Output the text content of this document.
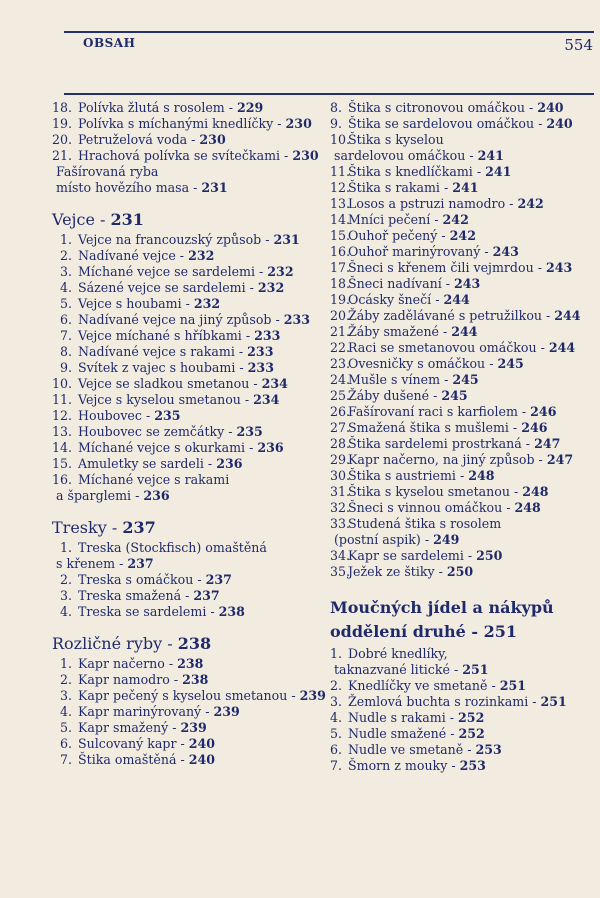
OBSAH	554
18. Polívka žlutá s rosolem - 229
19. Polívka s míchanými knedlíčky - 230
20. Petruželová voda - 230
21. Hrachová polívka se svítečkami - 230
Fašírovaná ryba
místo hovězího masa - 231
Vejce - 231
1. Vejce na francouzský způsob - 231
2. Nadívané vejce - 232
3. Míchané vejce se sardelemi - 232
4. Sázené vejce se sardelemi - 232
5. Vejce s houbami - 232
6. Nadívané vejce na jiný způsob - 233
7. Vejce míchané s hříbkami - 233
8. Nadívané vejce s rakami - 233
9. Svítek z vajec s houbami - 233
10. Vejce se sladkou smetanou - 234
11. Vejce s kyselou smetanou - 234
12. Houbovec - 235
13. Houbovec se zemčátky - 235
14. Míchané vejce s okurkami - 236
15. Amuletky se sardeli - 236
16. Míchané vejce s rakami
a šparglemi - 236
Tresky - 237
1. Treska (Stockfisch) omaštěná
s křenem - 237
2. Treska s omáčkou - 237
3. Treska smažená - 237
4. Treska se sardelemi - 238
Rozličné ryby - 238
1. Kapr načerno - 238
2. Kapr namodro - 238
3. Kapr pečený s kyselou smetanou - 239
4. Kapr marinýrovaný - 239
5. Kapr smažený - 239
6. Sulcovaný kapr - 240
7. Štika omaštěná - 240
8. Štika s citronovou omáčkou - 240
9. Štika se sardelovou omáčkou - 240
10.Štika s kyselou
sardelovou omáčkou - 241
11.Štika s knedlíčkami - 241
12.Štika s rakami - 241
13.Losos a pstruzi namodro - 242
14.Mníci pečení - 242
15.Ouhoř pečený - 242
16.Ouhoř marinýrovaný - 243
17.Šneci s křenem čili vejmrdou - 243
18.Šneci nadívaní - 243
19.Ocásky šnečí - 244
20.Žáby zadělávané s petružilkou - 244
21.Žáby smažené - 244
22.Raci se smetanovou omáčkou - 244
23.Ovesničky s omáčkou - 245
24.Mušle s vínem - 245
25.Žáby dušené - 245
26.Fašírovaní raci s karfiolem - 246
27.Smažená štika s mušlemi - 246
28.Štika sardelemi prostrkaná - 247
29.Kapr načerno, na jiný způsob - 247
30.Štika s austriemi - 248
31.Štika s kyselou smetanou - 248
32.Šneci s vinnou omáčkou - 248
33.Studená štika s rosolem
(postní aspik) - 249
34.Kapr se sardelemi - 250
35.Ježek ze štiky - 250
Moučných jídel a nákypů
oddělení druhé - 251
1. Dobré knedlíky,
taknazvané litické - 251
2. Knedlíčky ve smetaně - 251
3. Žemlová buchta s rozinkami - 251
4. Nudle s rakami - 252
5. Nudle smažené - 252
6. Nudle ve smetaně - 253
7. Šmorn z mouky - 253
